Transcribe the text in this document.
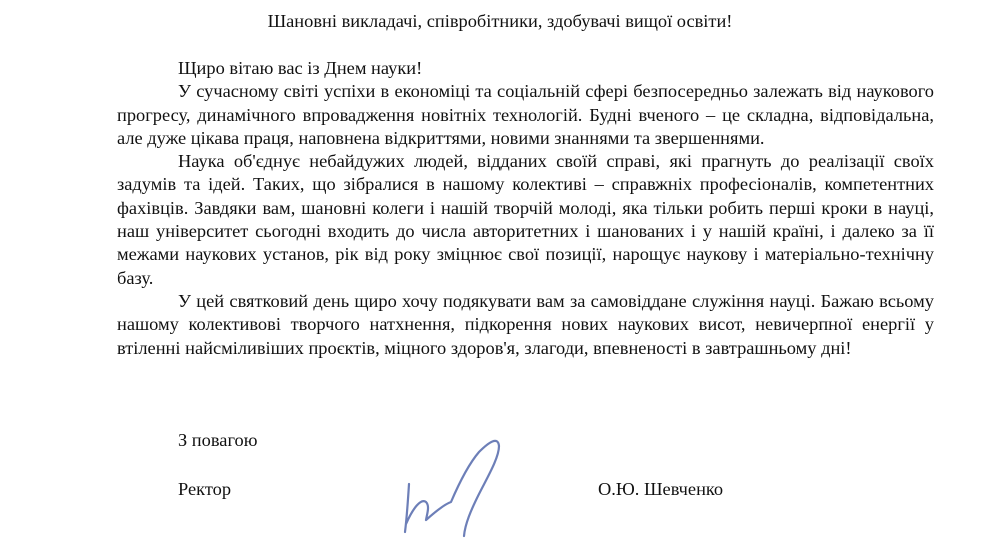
Шановні викладачі, співробітники, здобувачі вищої освіти!

Щиро вітаю вас із Днем науки!

У сучасному світі успіхи в економіці та соціальній сфері безпосередньо залежать від наукового прогресу, динамічного впровадження новітніх технологій. Будні вченого – це складна, відповідальна, але дуже цікава праця, наповнена відкриттями, новими знаннями та звершеннями.

Наука об'єднує небайдужих людей, відданих своїй справі, які прагнуть до реалізації своїх задумів та ідей. Таких, що зібралися в нашому колективі – справжніх професіоналів, компетентних фахівців. Завдяки вам, шановні колеги і нашій творчій молоді, яка тільки робить перші кроки в науці, наш університет сьогодні входить до числа авторитетних і шанованих і у нашій країні, і далеко за її межами наукових установ, рік від року зміцнює свої позиції, нарощує наукову і матеріально-технічну базу.

У цей святковий день щиро хочу подякувати вам за самовіддане служіння науці. Бажаю всьому нашому колективові творчого натхнення, підкорення нових наукових висот, невичерпної енергії у втіленні найсміливіших проєктів, міцного здоров'я, злагоди, впевненості в завтрашньому дні!

З повагою

Ректор	О.Ю. Шевченко
